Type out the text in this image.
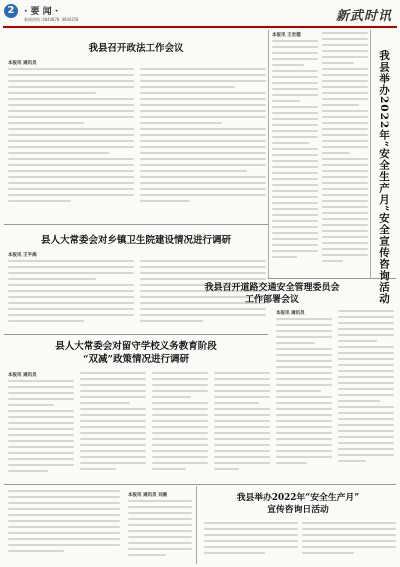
2	· 要 闻 ·
新闻热线:4844870 4844358	新武时讯
我县召开政法工作会议
本报讯 通讯员
本报讯 王宏德
我县举办2022年“安全生产月”安全宣传咨询活动
县人大常委会对乡镇卫生院建设情况进行调研
本报讯 王平海
县人大常委会对留守学校义务教育阶段
“双减”政策情况进行调研
本报讯 通讯员
我县召开道路交通安全管理委员会
工作部署会议
本报讯 通讯员
本报讯 通讯员 刘晨	我县举办2022年“安全生产月”
宣传咨询日活动
